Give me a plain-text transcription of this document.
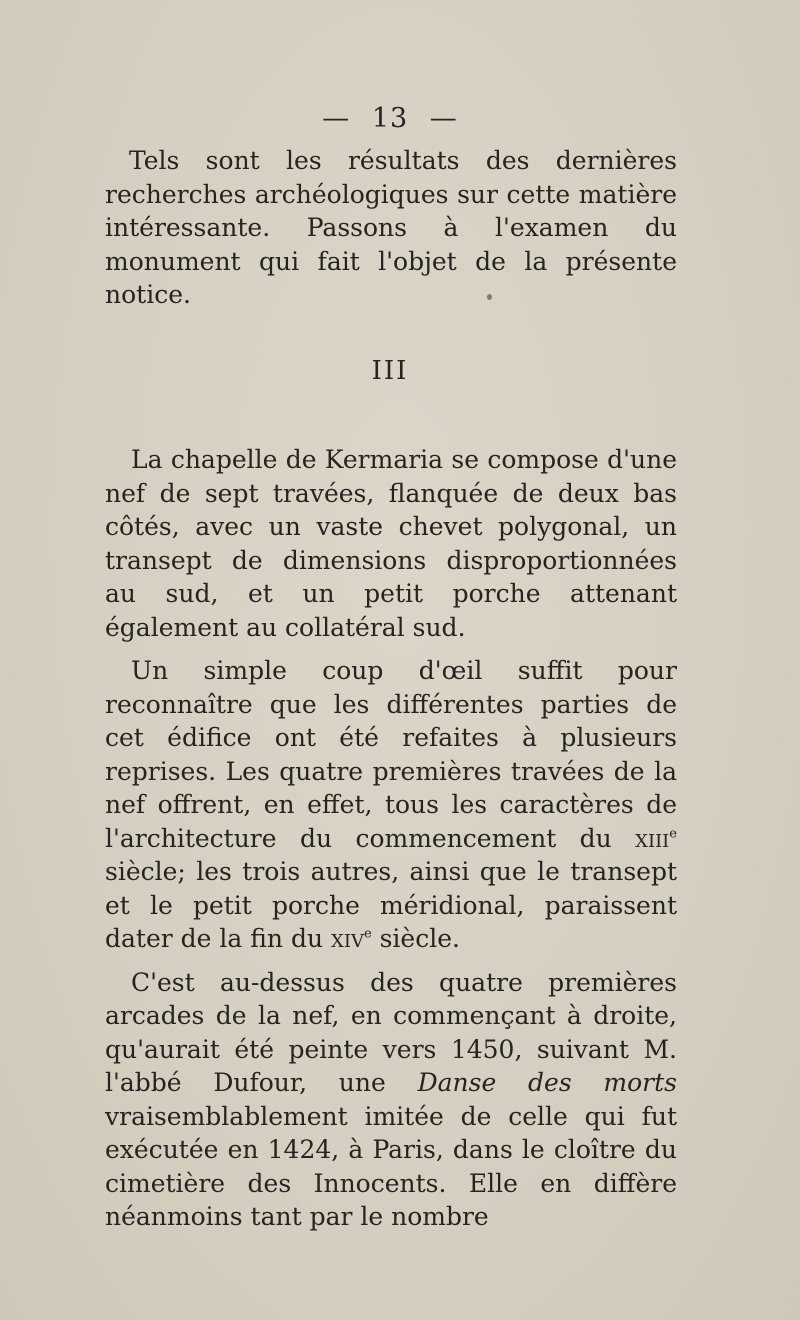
— 13 —
Tels sont les résultats des dernières recherches archéologiques sur cette matière intéressante. Passons à l'examen du monument qui fait l'objet de la présente notice.
III

La chapelle de Kermaria se compose d'une nef de sept travées, flanquée de deux bas côtés, avec un vaste chevet polygonal, un transept de dimensions disproportionnées au sud, et un petit porche attenant également au collatéral sud.

Un simple coup d'œil suffit pour reconnaître que les différentes parties de cet édifice ont été refaites à plusieurs reprises. Les quatre premières travées de la nef offrent, en effet, tous les caractères de l'architecture du commencement du xiii$^e$ siècle; les trois autres, ainsi que le transept et le petit porche méridional, paraissent dater de la fin du xiv$^e$ siècle.

C'est au-dessus des quatre premières arcades de la nef, en commençant à droite, qu'aurait été peinte vers 1450, suivant M. l'abbé Dufour, une Danse des morts vraisemblablement imitée de celle qui fut exécutée en 1424, à Paris, dans le cloître du cimetière des Innocents. Elle en diffère néanmoins tant par le nombre
